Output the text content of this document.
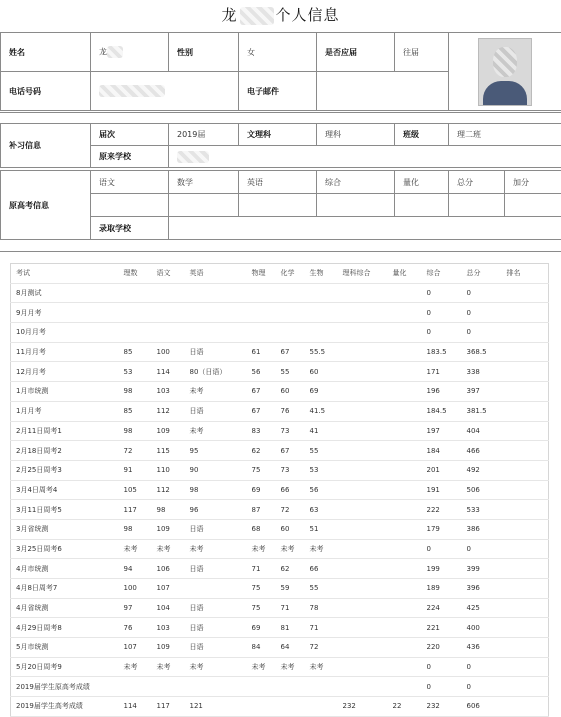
龙	个人信息
姓名	龙	性别	女	是否应届	往届	

电话号码			电子邮件			
补习信息	届次	2019届	文理科	理科	班级	理二班
	原来学校					
原高考信息	语文	数学	英语	综合	量化	总分	加分

	录取学校						
考试	理数	语文	英语	物理	化学	生物	理科综合	量化	综合	总分	排名
8月测试									0	0	
9月月考									0	0	
10月月考									0	0	
11月月考	85	100	日语	61	67	55.5			183.5	368.5	
12月月考	53	114	80（日语）	56	55	60			171	338	
1月市统测	98	103	未考	67	60	69			196	397	
1月月考	85	112	日语	67	76	41.5			184.5	381.5	
2月11日周考1	98	109	未考	83	73	41			197	404	
2月18日周考2	72	115	95	62	67	55			184	466	
2月25日周考3	91	110	90	75	73	53			201	492	
3月4日周考4	105	112	98	69	66	56			191	506	
3月11日周考5	117	98	96	87	72	63			222	533	
3月省统测	98	109	日语	68	60	51			179	386	
3月25日周考6	未考	未考	未考	未考	未考	未考			0	0	
4月市统测	94	106	日语	71	62	66			199	399	
4月8日周考7	100	107		75	59	55			189	396	
4月省统测	97	104	日语	75	71	78			224	425	
4月29日周考8	76	103	日语	69	81	71			221	400	
5月市统测	107	109	日语	84	64	72			220	436	
5月20日周考9	未考	未考	未考	未考	未考	未考			0	0	
2019届学生原高考成绩									0	0	
2019届学生高考成绩	114	117	121				232	22	232	606	
